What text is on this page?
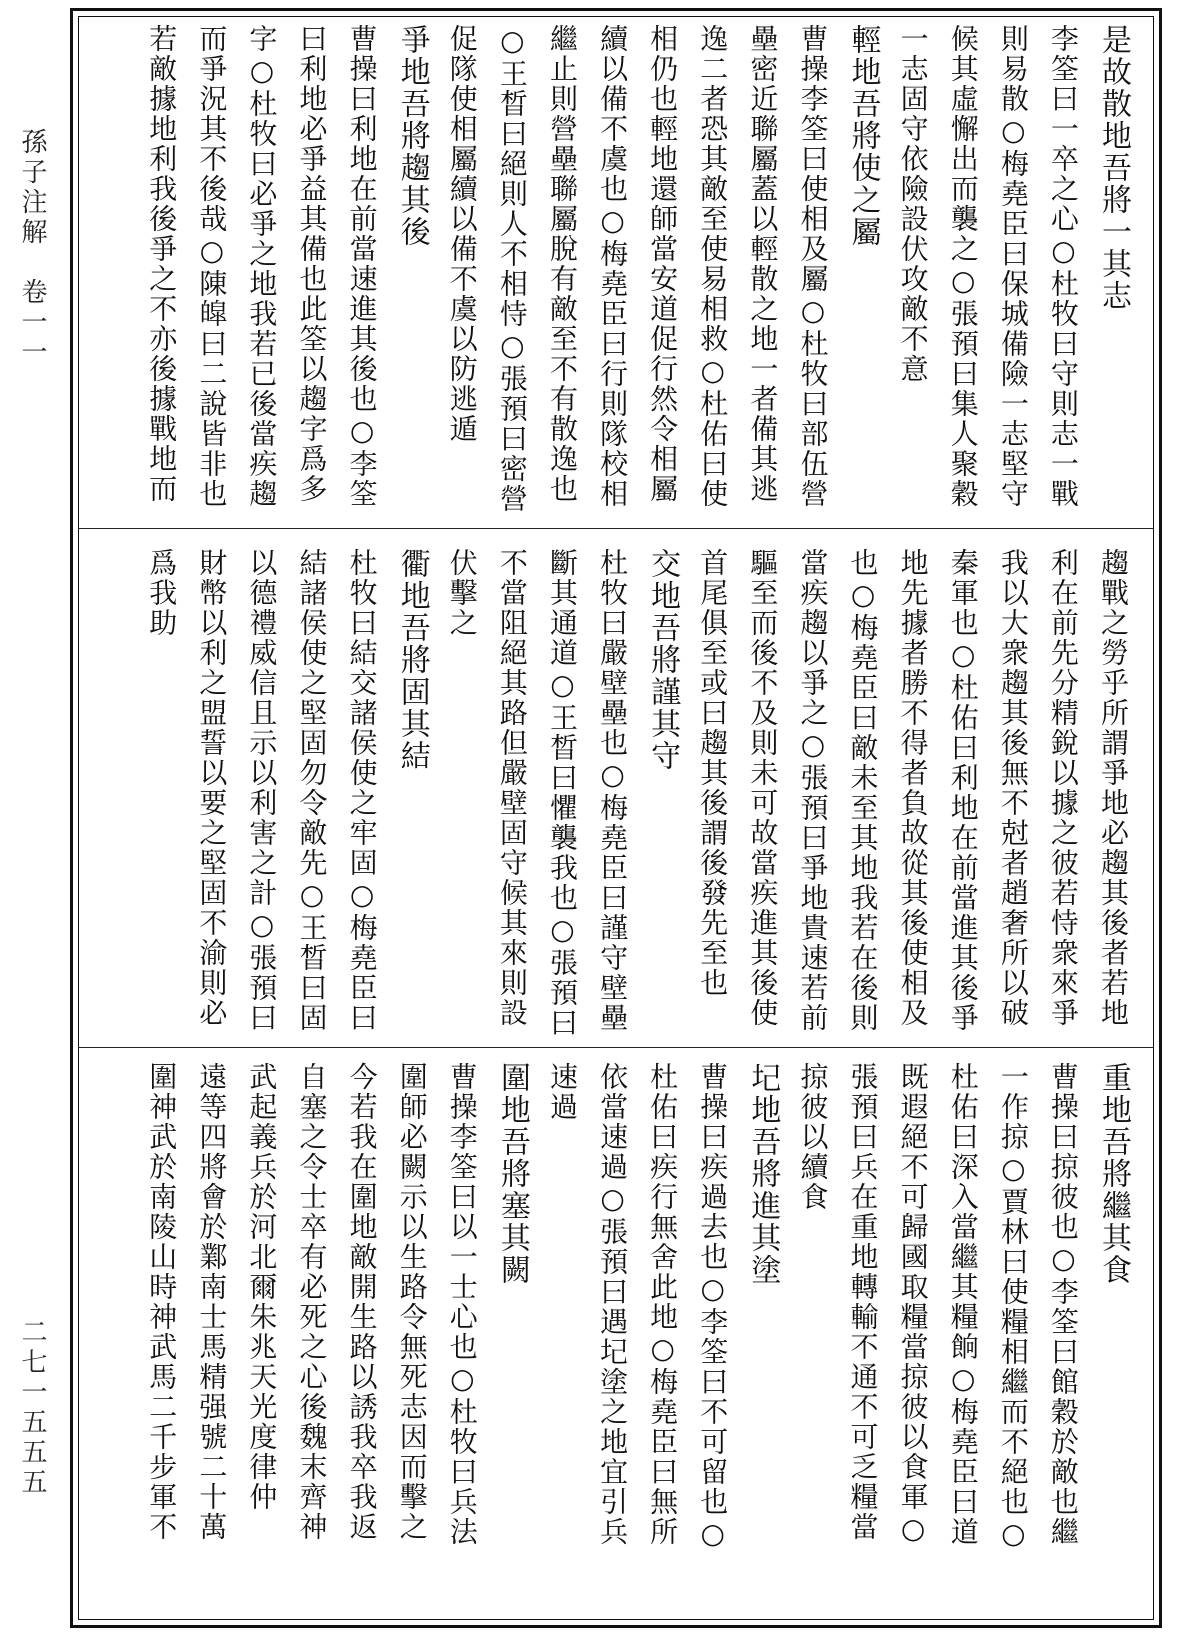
孫子注解　卷一一
二七一五五五
是故散地吾將一其志 李筌曰一卒之心○杜牧曰守則志一戰 則易散○梅堯臣曰保城備險一志堅守 候其虛懈出而襲之○張預曰集人聚穀 一志固守依險設伏攻敵不意 輕地吾將使之屬 曹操李筌曰使相及屬○杜牧曰部伍營 壘密近聯屬蓋以輕散之地一者備其逃 逸二者恐其敵至使易相救○杜佑曰使 相仍也輕地還師當安道促行然令相屬 續以備不虞也○梅堯臣曰行則隊校相 繼止則營壘聯屬脫有敵至不有散逸也 ○王晳曰絕則人不相恃○張預曰密營 促隊使相屬續以備不虞以防逃遁 爭地吾將趨其後 曹操曰利地在前當速進其後也○李筌 曰利地必爭益其備也此筌以趨字爲多 字○杜牧曰必爭之地我若已後當疾趨 而爭況其不後哉○陳皡曰二說皆非也 若敵據地利我後爭之不亦後據戰地而
趨戰之勞乎所謂爭地必趨其後者若地 利在前先分精銳以據之彼若恃衆來爭 我以大衆趨其後無不尅者趙奢所以破 秦軍也○杜佑曰利地在前當進其後爭 地先據者勝不得者負故從其後使相及 也○梅堯臣曰敵未至其地我若在後則 當疾趨以爭之○張預曰爭地貴速若前 驅至而後不及則未可故當疾進其後使 首尾俱至或曰趨其後謂後發先至也 交地吾將謹其守 杜牧曰嚴壁壘也○梅堯臣曰謹守壁壘 斷其通道○王晳曰懼襲我也○張預曰 不當阻絕其路但嚴壁固守候其來則設 伏擊之 衢地吾將固其結 杜牧曰結交諸侯使之牢固○梅堯臣曰 結諸侯使之堅固勿令敵先○王晳曰固 以德禮威信且示以利害之計○張預曰 財幣以利之盟誓以要之堅固不渝則必 爲我助
重地吾將繼其食 曹操曰掠彼也○李筌曰館穀於敵也繼 一作掠○賈林曰使糧相繼而不絕也○ 杜佑曰深入當繼其糧餉○梅堯臣曰道 既遐絕不可歸國取糧當掠彼以食軍○ 張預曰兵在重地轉輸不通不可乏糧當 掠彼以續食 圮地吾將進其塗 曹操曰疾過去也○李筌曰不可留也○ 杜佑曰疾行無舍此地○梅堯臣曰無所 依當速過○張預曰遇圮塗之地宜引兵 速過 圍地吾將塞其闕 曹操李筌曰以一士心也○杜牧曰兵法 圍師必闕示以生路令無死志因而擊之 今若我在圍地敵開生路以誘我卒我返 自塞之令士卒有必死之心後魏末齊神 武起義兵於河北爾朱兆天光度律仲 遠等四將會於鄴南士馬精强號二十萬 圍神武於南陵山時神武馬二千步軍不
